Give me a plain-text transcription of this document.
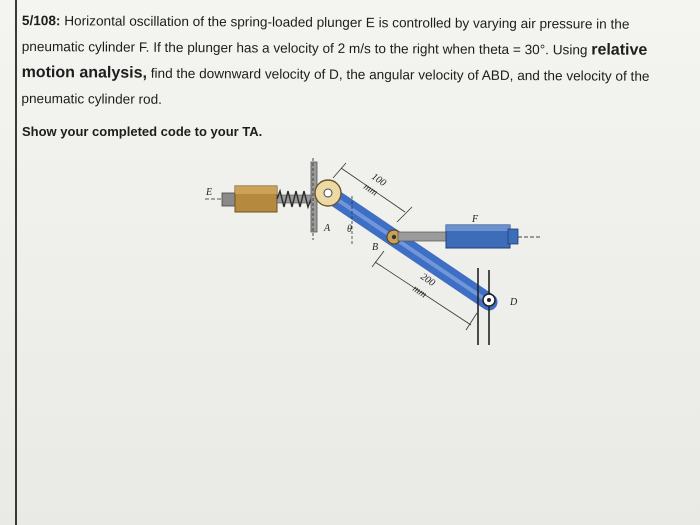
5/108: Horizontal oscillation of the spring-loaded plunger E is controlled by varying air pressure in the pneumatic cylinder F. If the plunger has a velocity of 2 m/s to the right when theta = 30°. Using relative
motion analysis, find the downward velocity of D, the angular velocity of ABD, and the velocity of the pneumatic cylinder rod.
Show your completed code to your TA.
100
mm
200
mm
E
A θ
B
F
D
